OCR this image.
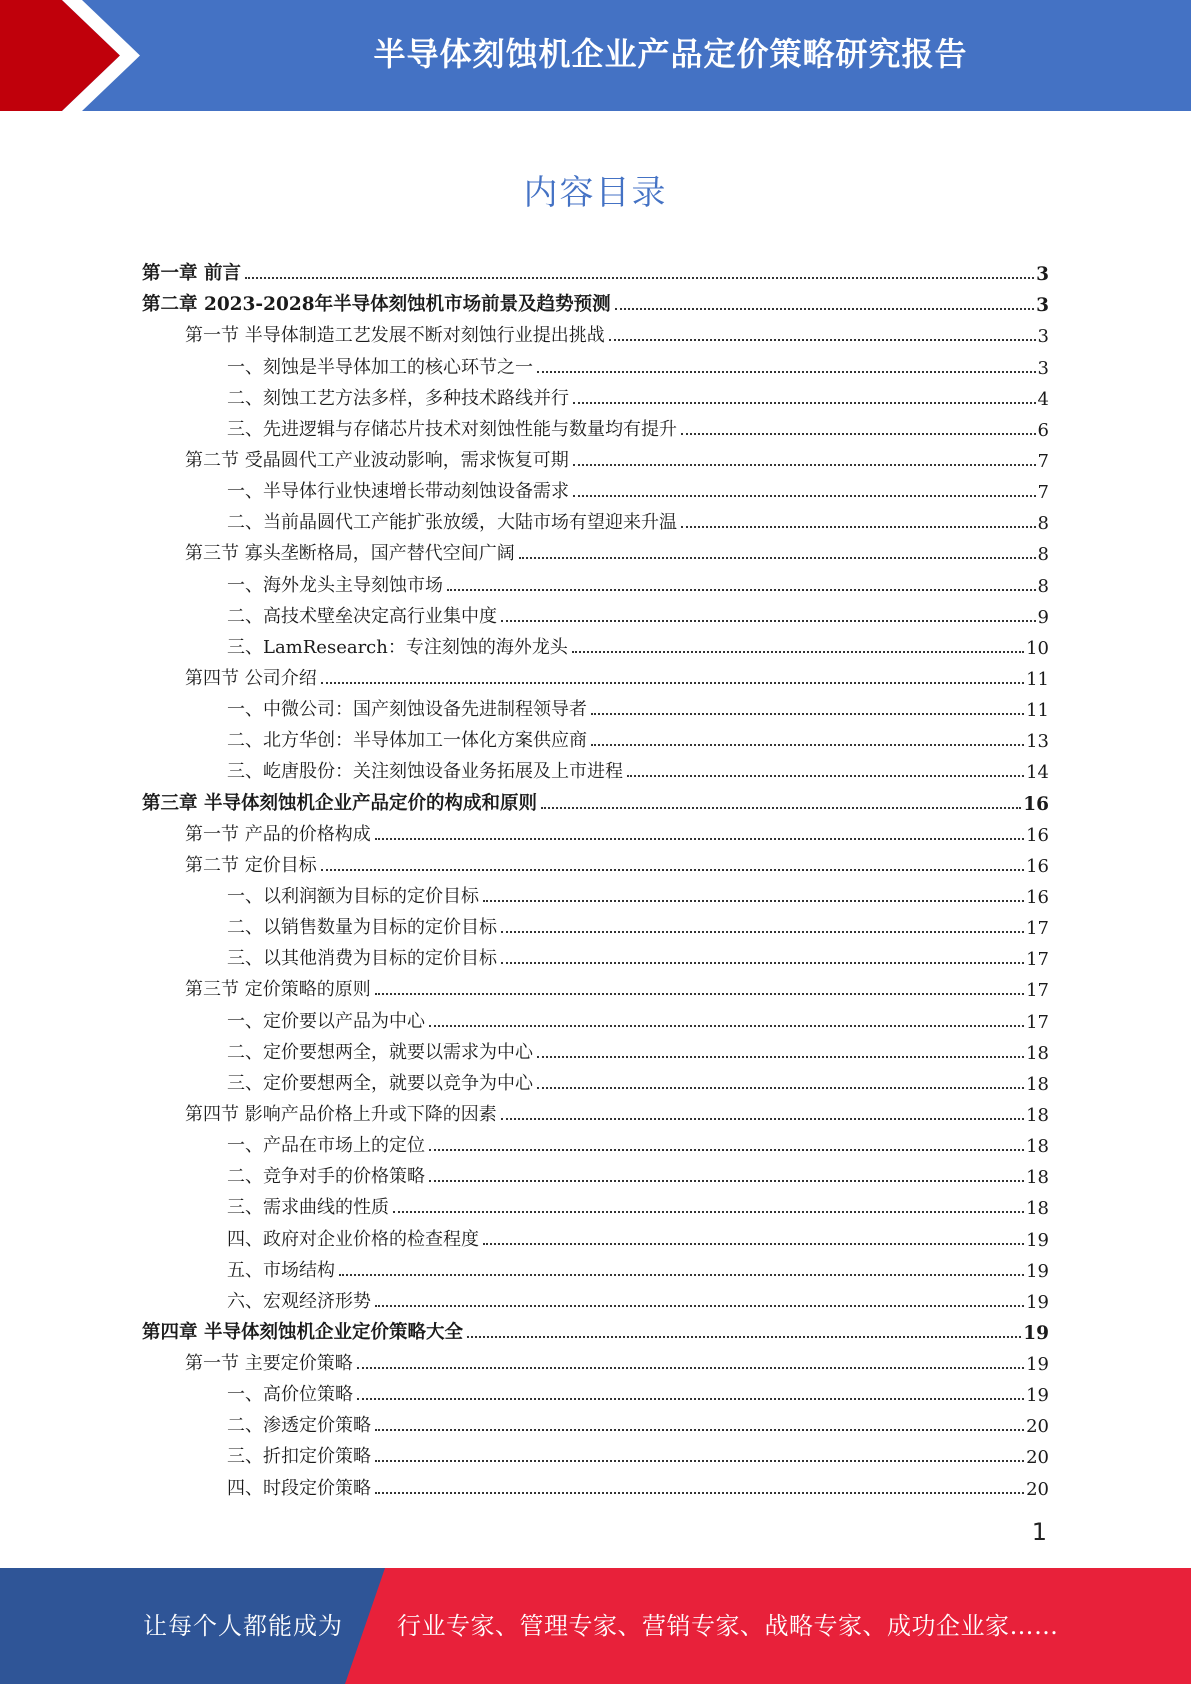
半导体刻蚀机企业产品定价策略研究报告
内容目录
第一章 前言	3
第二章 2023-2028年半导体刻蚀机市场前景及趋势预测	3
第一节 半导体制造工艺发展不断对刻蚀行业提出挑战	3
一、刻蚀是半导体加工的核心环节之一	3
二、刻蚀工艺方法多样，多种技术路线并行	4
三、先进逻辑与存储芯片技术对刻蚀性能与数量均有提升	6
第二节 受晶圆代工产业波动影响，需求恢复可期	7
一、半导体行业快速增长带动刻蚀设备需求	7
二、当前晶圆代工产能扩张放缓，大陆市场有望迎来升温	8
第三节 寡头垄断格局，国产替代空间广阔	8
一、海外龙头主导刻蚀市场	8
二、高技术壁垒决定高行业集中度	9
三、LamResearch：专注刻蚀的海外龙头	10
第四节 公司介绍	11
一、中微公司：国产刻蚀设备先进制程领导者	11
二、北方华创：半导体加工一体化方案供应商	13
三、屹唐股份：关注刻蚀设备业务拓展及上市进程	14
第三章 半导体刻蚀机企业产品定价的构成和原则	16
第一节 产品的价格构成	16
第二节 定价目标	16
一、以利润额为目标的定价目标	16
二、以销售数量为目标的定价目标	17
三、以其他消费为目标的定价目标	17
第三节 定价策略的原则	17
一、定价要以产品为中心	17
二、定价要想两全，就要以需求为中心	18
三、定价要想两全，就要以竞争为中心	18
第四节 影响产品价格上升或下降的因素	18
一、产品在市场上的定位	18
二、竞争对手的价格策略	18
三、需求曲线的性质	18
四、政府对企业价格的检查程度	19
五、市场结构	19
六、宏观经济形势	19
第四章 半导体刻蚀机企业定价策略大全	19
第一节 主要定价策略	19
一、高价位策略	19
二、渗透定价策略	20
三、折扣定价策略	20
四、时段定价策略	20
1
让每个人都能成为 行业专家、管理专家、营销专家、战略专家、成功企业家……
